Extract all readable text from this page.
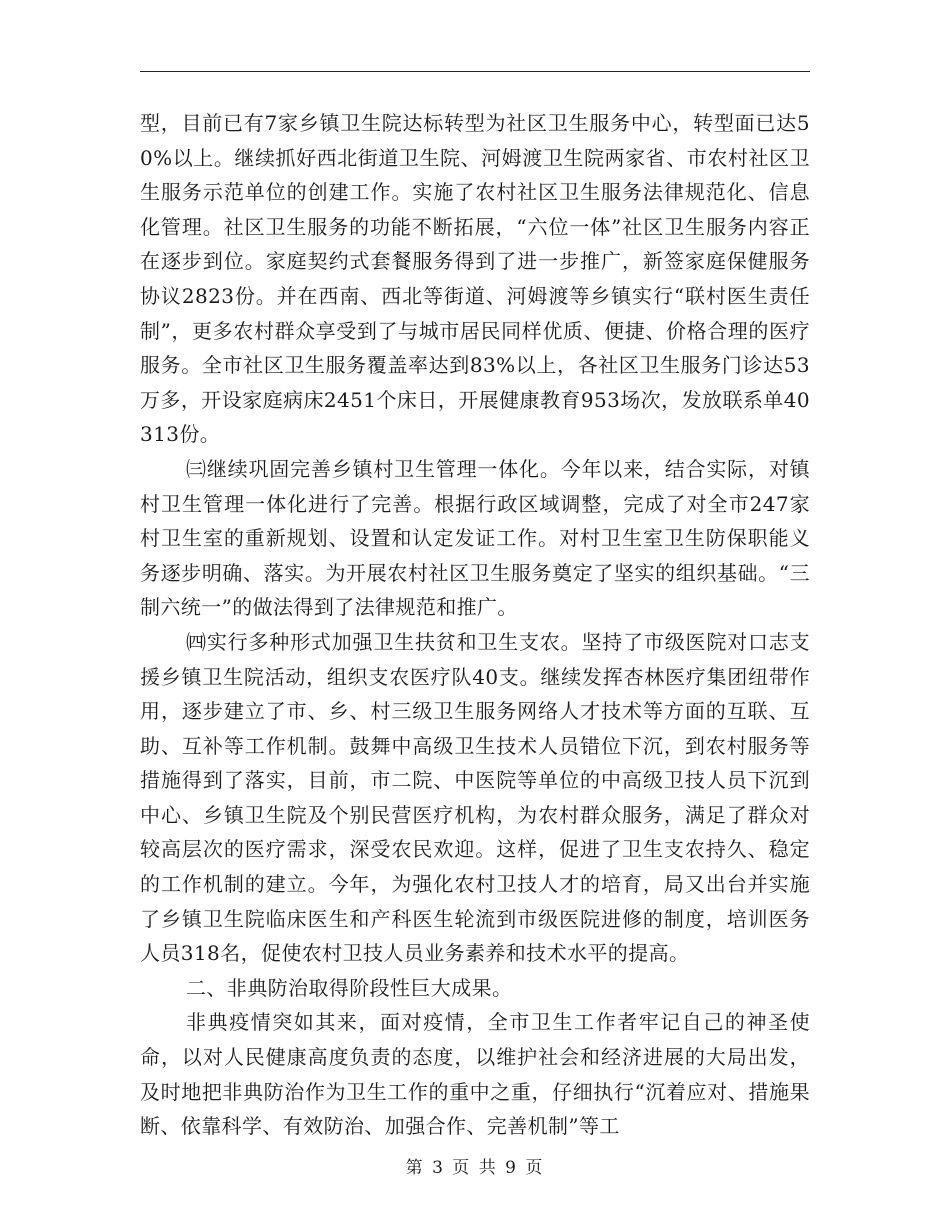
型，目前已有7家乡镇卫生院达标转型为社区卫生服务中心，转型面已达50%以上。继续抓好西北街道卫生院、河姆渡卫生院两家省、市农村社区卫生服务示范单位的创建工作。实施了农村社区卫生服务法律规范化、信息化管理。社区卫生服务的功能不断拓展，“六位一体”社区卫生服务内容正在逐步到位。家庭契约式套餐服务得到了进一步推广，新签家庭保健服务协议2823份。并在西南、西北等街道、河姆渡等乡镇实行“联村医生责任制”，更多农村群众享受到了与城市居民同样优质、便捷、价格合理的医疗服务。全市社区卫生服务覆盖率达到83%以上，各社区卫生服务门诊达53万多，开设家庭病床2451个床日，开展健康教育953场次，发放联系单40313份。

㈢继续巩固完善乡镇村卫生管理一体化。今年以来，结合实际，对镇村卫生管理一体化进行了完善。根据行政区域调整，完成了对全市247家村卫生室的重新规划、设置和认定发证工作。对村卫生室卫生防保职能义务逐步明确、落实。为开展农村社区卫生服务奠定了坚实的组织基础。“三制六统一”的做法得到了法律规范和推广。

㈣实行多种形式加强卫生扶贫和卫生支农。坚持了市级医院对口志支援乡镇卫生院活动，组织支农医疗队40支。继续发挥杏林医疗集团纽带作用，逐步建立了市、乡、村三级卫生服务网络人才技术等方面的互联、互助、互补等工作机制。鼓舞中高级卫生技术人员错位下沉，到农村服务等措施得到了落实，目前，市二院、中医院等单位的中高级卫技人员下沉到中心、乡镇卫生院及个别民营医疗机构，为农村群众服务，满足了群众对较高层次的医疗需求，深受农民欢迎。这样，促进了卫生支农持久、稳定的工作机制的建立。今年，为强化农村卫技人才的培育，局又出台并实施了乡镇卫生院临床医生和产科医生轮流到市级医院进修的制度，培训医务人员318名，促使农村卫技人员业务素养和技术水平的提高。

二、非典防治取得阶段性巨大成果。

非典疫情突如其来，面对疫情，全市卫生工作者牢记自己的神圣使命，以对人民健康高度负责的态度，以维护社会和经济进展的大局出发，及时地把非典防治作为卫生工作的重中之重，仔细执行“沉着应对、措施果断、依靠科学、有效防治、加强合作、完善机制”等工

第 3 页 共 9 页
